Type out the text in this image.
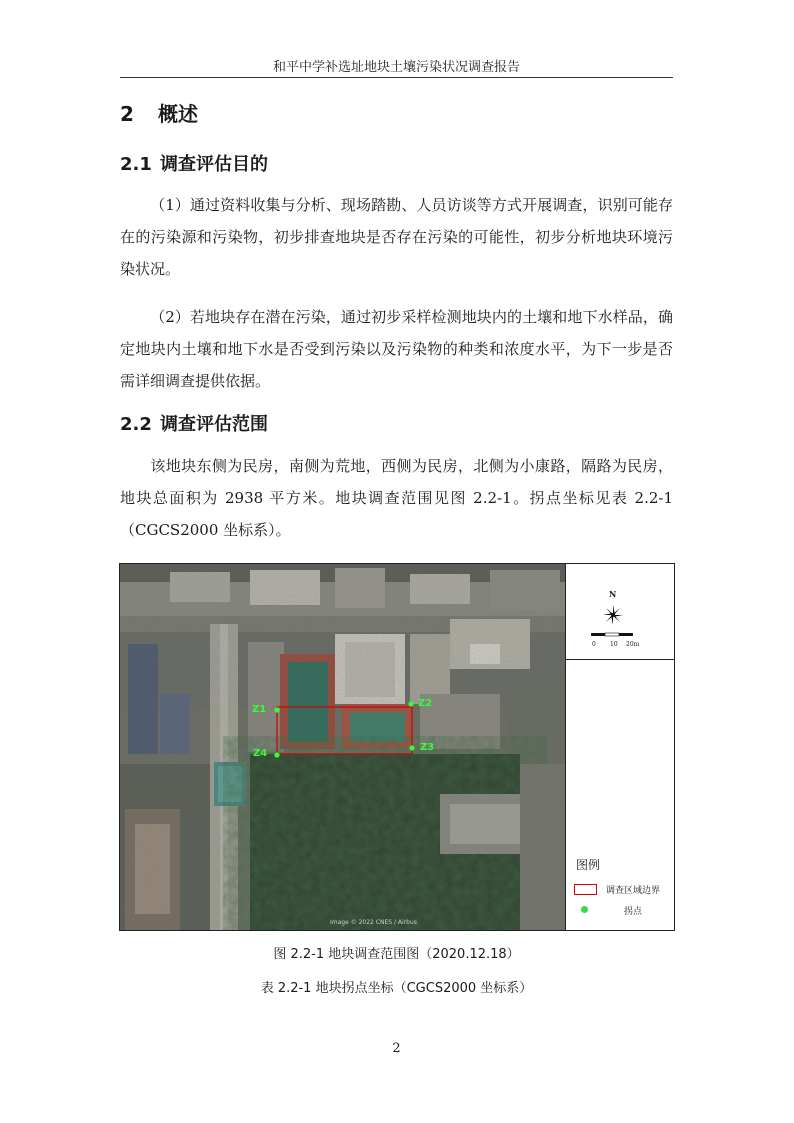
和平中学补选址地块土壤污染状况调查报告
2 概述
2.1 调查评估目的

（1）通过资料收集与分析、现场踏勘、人员访谈等方式开展调查，识别可能存在的污染源和污染物，初步排查地块是否存在污染的可能性，初步分析地块环境污染状况。

（2）若地块存在潜在污染，通过初步采样检测地块内的土壤和地下水样品，确定地块内土壤和地下水是否受到污染以及污染物的种类和浓度水平，为下一步是否需详细调查提供依据。

2.2 调查评估范围

该地块东侧为民房，南侧为荒地，西侧为民房，北侧为小康路，隔路为民房，地块总面积为 2938 平方米。地块调查范围见图 2.2-1。拐点坐标见表 2.2-1（CGCS2000 坐标系）。

Z1
Z2
Z3
Z4
Image © 2022 CNES / Airbus
N
0 10 20m
图例
调查区域边界
拐点
图 2.2-1 地块调查范围图（2020.12.18）
表 2.2-1 地块拐点坐标（CGCS2000 坐标系）
2
